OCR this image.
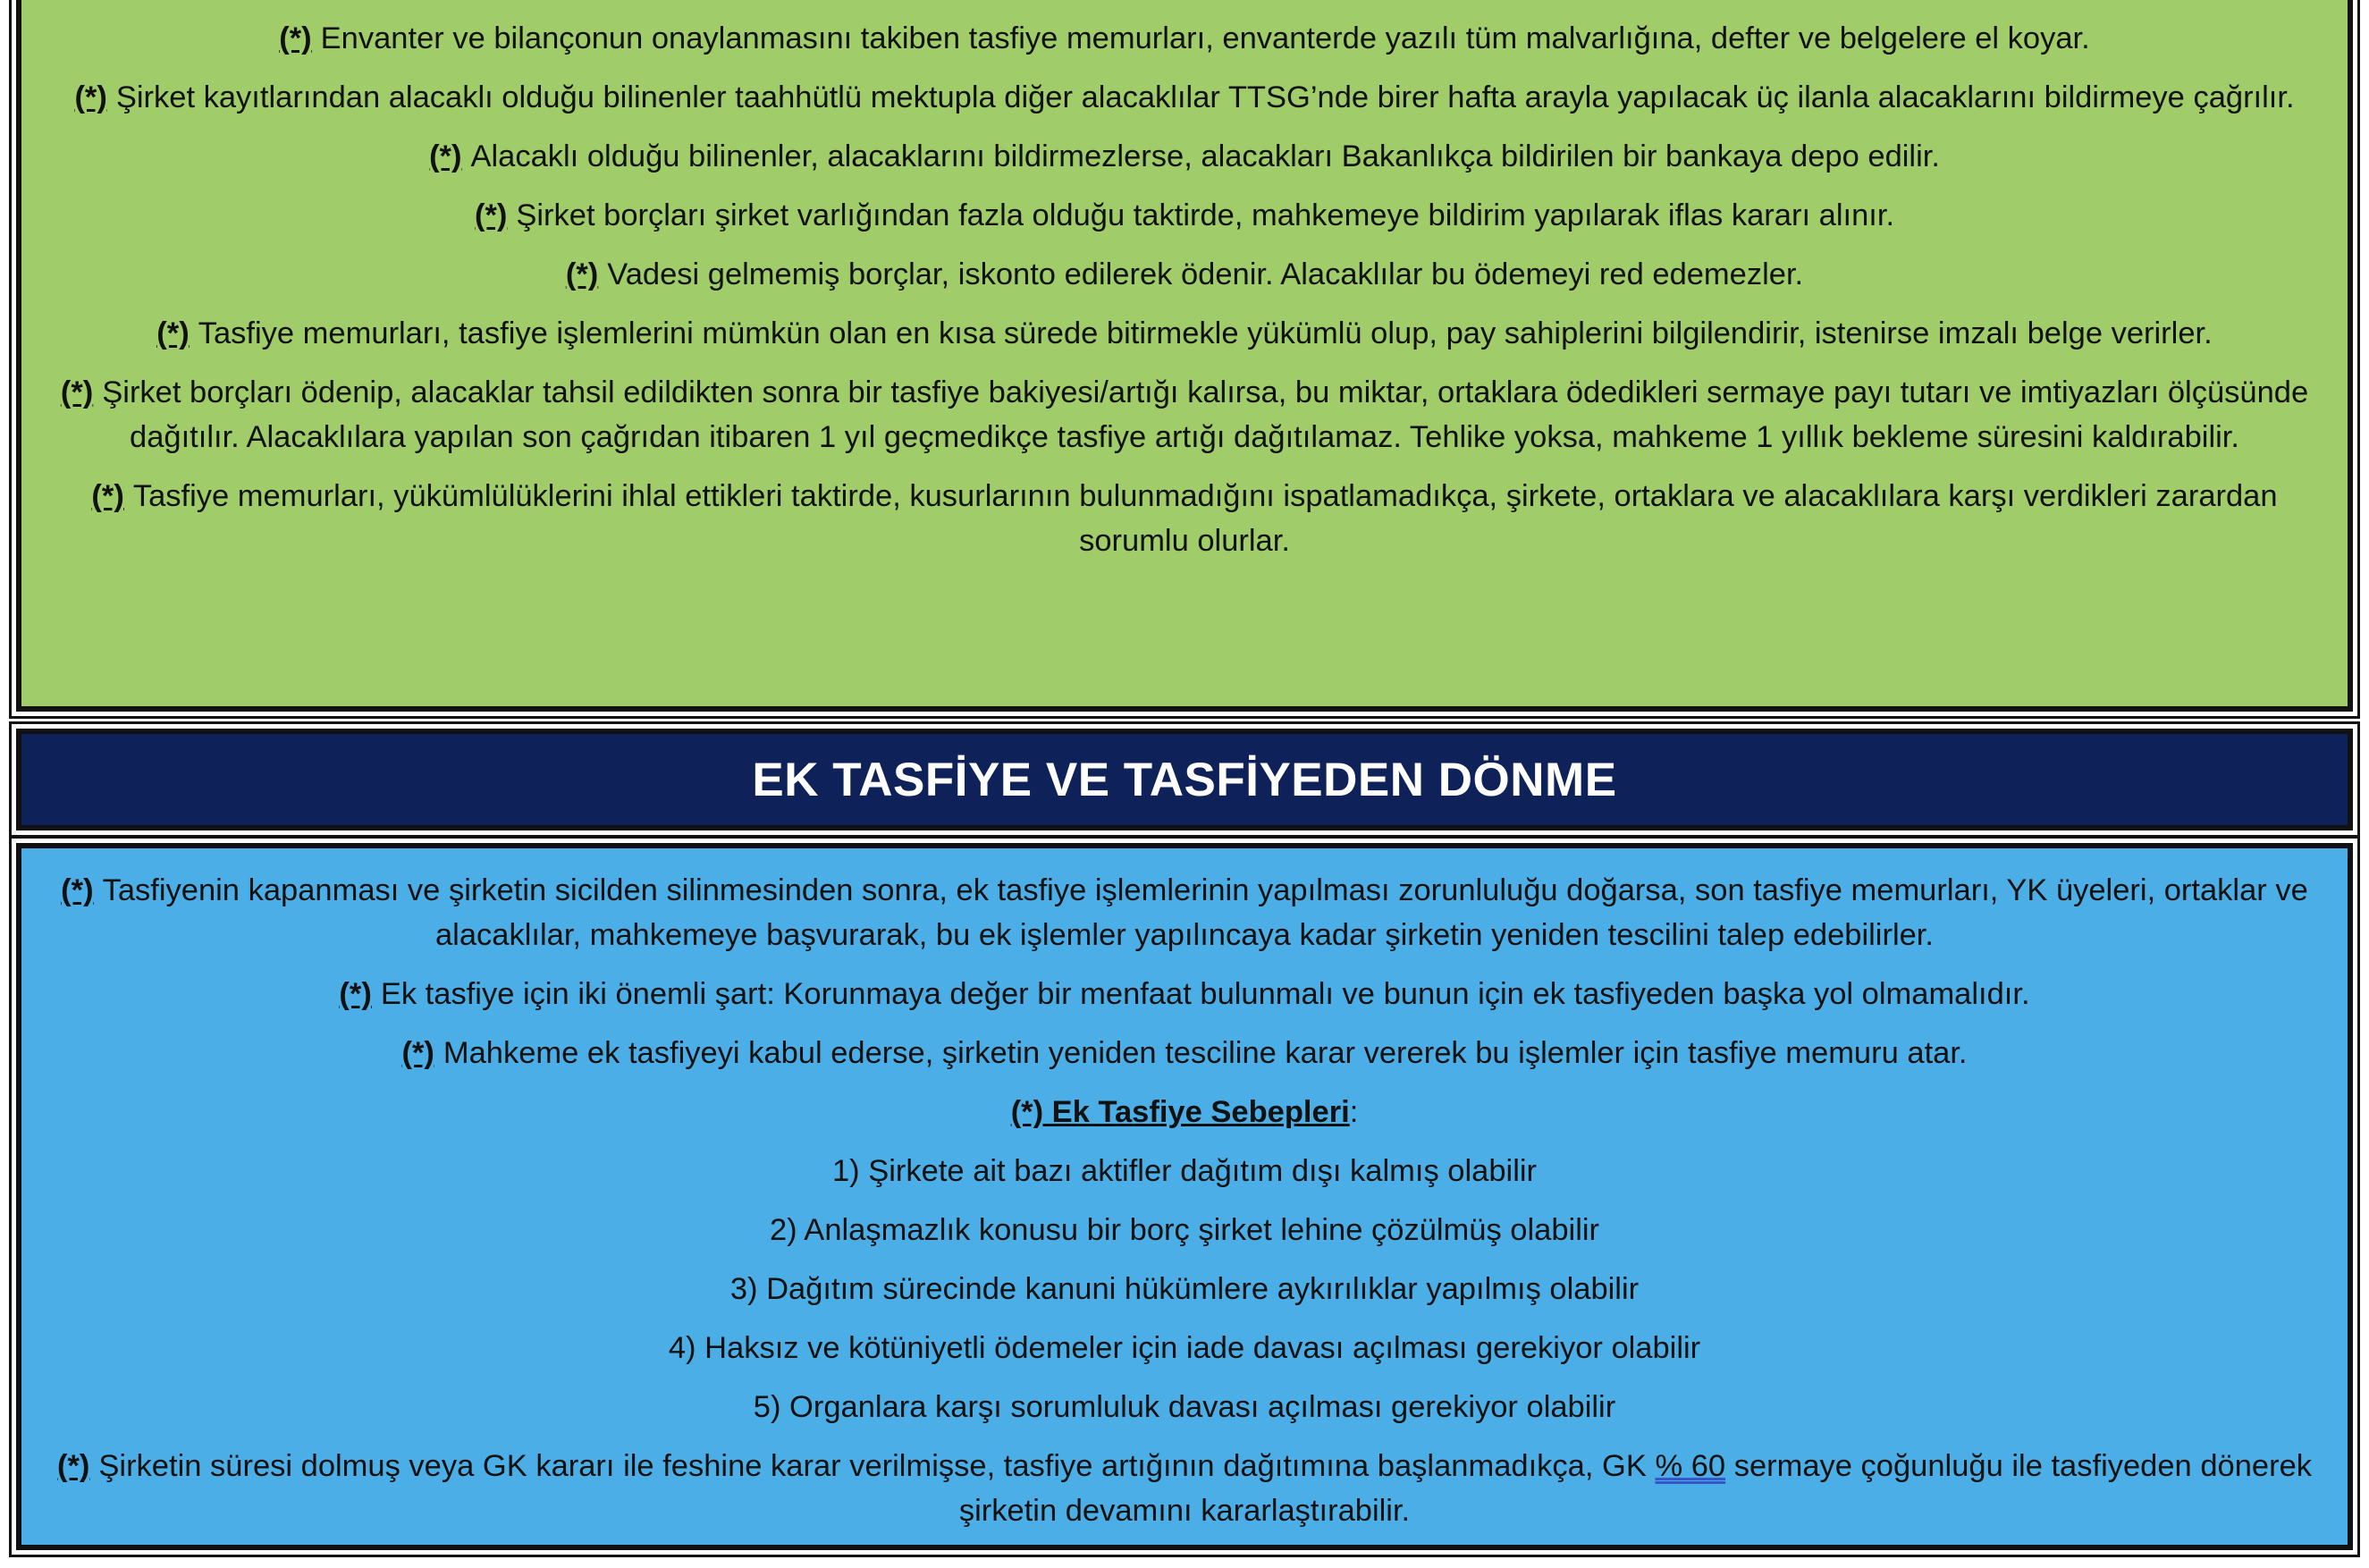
(*) Envanter ve bilançonun onaylanmasını takiben tasfiye memurları, envanterde yazılı tüm malvarlığına, defter ve belgelere el koyar.

(*) Şirket kayıtlarından alacaklı olduğu bilinenler taahhütlü mektupla diğer alacaklılar TTSG’nde birer hafta arayla yapılacak üç ilanla alacaklarını bildirmeye çağrılır.

(*) Alacaklı olduğu bilinenler, alacaklarını bildirmezlerse, alacakları Bakanlıkça bildirilen bir bankaya depo edilir.

(*) Şirket borçları şirket varlığından fazla olduğu taktirde, mahkemeye bildirim yapılarak iflas kararı alınır.

(*) Vadesi gelmemiş borçlar, iskonto edilerek ödenir. Alacaklılar bu ödemeyi red edemezler.

(*) Tasfiye memurları, tasfiye işlemlerini mümkün olan en kısa sürede bitirmekle yükümlü olup, pay sahiplerini bilgilendirir, istenirse imzalı belge verirler.

(*) Şirket borçları ödenip, alacaklar tahsil edildikten sonra bir tasfiye bakiyesi/artığı kalırsa, bu miktar, ortaklara ödedikleri sermaye payı tutarı ve imtiyazları ölçüsünde dağıtılır. Alacaklılara yapılan son çağrıdan itibaren 1 yıl geçmedikçe tasfiye artığı dağıtılamaz. Tehlike yoksa, mahkeme 1 yıllık bekleme süresini kaldırabilir.

(*) Tasfiye memurları, yükümlülüklerini ihlal ettikleri taktirde, kusurlarının bulunmadığını ispatlamadıkça, şirkete, ortaklara ve alacaklılara karşı verdikleri zarardan sorumlu olurlar.

EK TASFİYE VE TASFİYEDEN DÖNME

(*) Tasfiyenin kapanması ve şirketin sicilden silinmesinden sonra, ek tasfiye işlemlerinin yapılması zorunluluğu doğarsa, son tasfiye memurları, YK üyeleri, ortaklar ve alacaklılar, mahkemeye başvurarak, bu ek işlemler yapılıncaya kadar şirketin yeniden tescilini talep edebilirler.

(*) Ek tasfiye için iki önemli şart: Korunmaya değer bir menfaat bulunmalı ve bunun için ek tasfiyeden başka yol olmamalıdır.

(*) Mahkeme ek tasfiyeyi kabul ederse, şirketin yeniden tesciline karar vererek bu işlemler için tasfiye memuru atar.

(*) Ek Tasfiye Sebepleri:

1) Şirkete ait bazı aktifler dağıtım dışı kalmış olabilir

2) Anlaşmazlık konusu bir borç şirket lehine çözülmüş olabilir

3) Dağıtım sürecinde kanuni hükümlere aykırılıklar yapılmış olabilir

4) Haksız ve kötüniyetli ödemeler için iade davası açılması gerekiyor olabilir

5) Organlara karşı sorumluluk davası açılması gerekiyor olabilir

(*) Şirketin süresi dolmuş veya GK kararı ile feshine karar verilmişse, tasfiye artığının dağıtımına başlanmadıkça, GK % 60 sermaye çoğunluğu ile tasfiyeden dönerek şirketin devamını kararlaştırabilir.
